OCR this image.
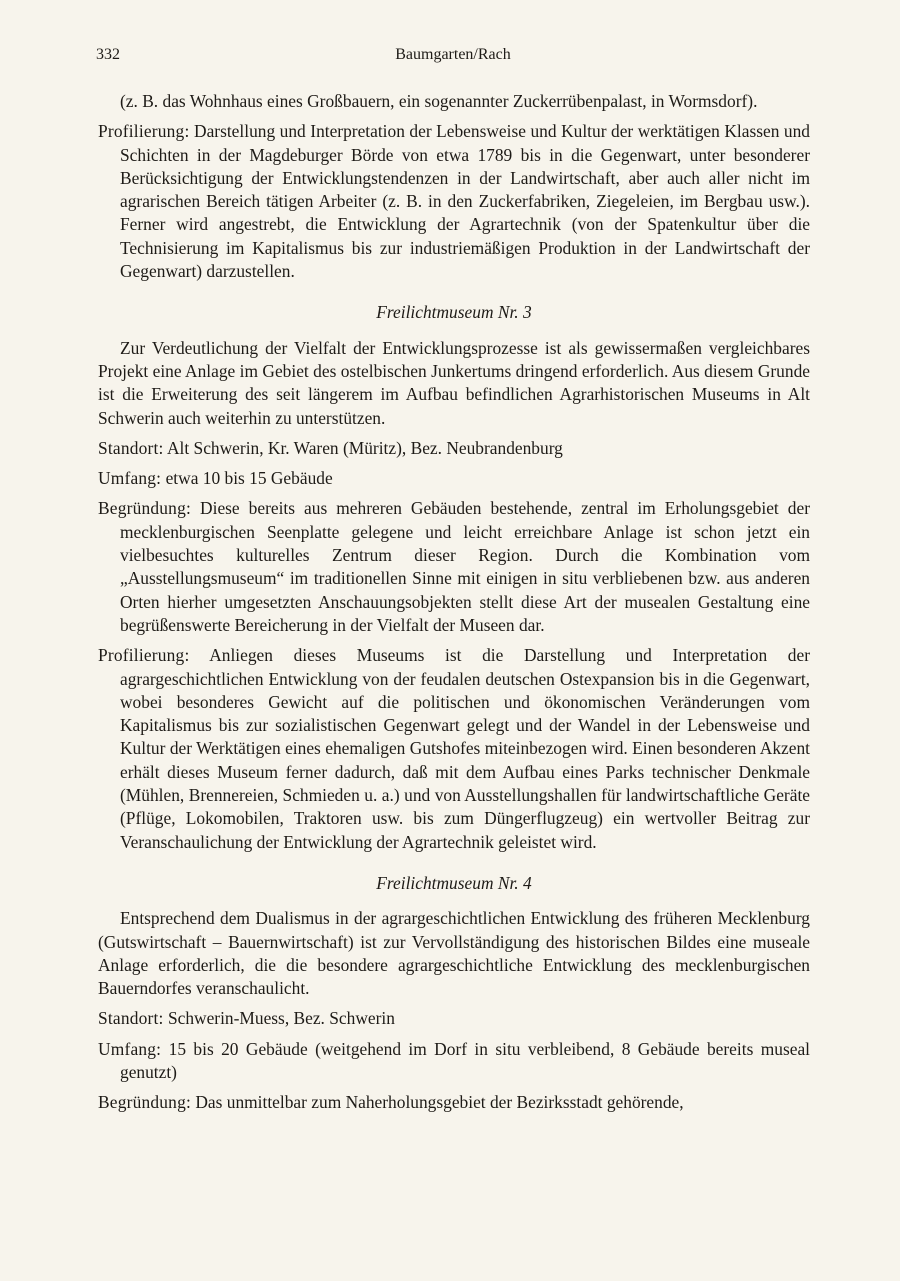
332	Baumgarten/Rach

(z. B. das Wohnhaus eines Großbauern, ein sogenannter Zuckerrübenpalast, in Wormsdorf).

Profilierung: Darstellung und Interpretation der Lebensweise und Kultur der werktätigen Klassen und Schichten in der Magdeburger Börde von etwa 1789 bis in die Gegenwart, unter besonderer Berücksichtigung der Entwicklungstendenzen in der Landwirtschaft, aber auch aller nicht im agrarischen Bereich tätigen Arbeiter (z. B. in den Zuckerfabriken, Ziegeleien, im Bergbau usw.). Ferner wird angestrebt, die Entwicklung der Agrartechnik (von der Spatenkultur über die Technisierung im Kapitalismus bis zur industriemäßigen Produktion in der Landwirtschaft der Gegenwart) darzustellen.

Freilichtmuseum Nr. 3

Zur Verdeutlichung der Vielfalt der Entwicklungsprozesse ist als gewissermaßen vergleichbares Projekt eine Anlage im Gebiet des ostelbischen Junkertums dringend erforderlich. Aus diesem Grunde ist die Erweiterung des seit längerem im Aufbau befindlichen Agrarhistorischen Museums in Alt Schwerin auch weiterhin zu unterstützen.

Standort: Alt Schwerin, Kr. Waren (Müritz), Bez. Neubrandenburg

Umfang: etwa 10 bis 15 Gebäude

Begründung: Diese bereits aus mehreren Gebäuden bestehende, zentral im Erholungsgebiet der mecklenburgischen Seenplatte gelegene und leicht erreichbare Anlage ist schon jetzt ein vielbesuchtes kulturelles Zentrum dieser Region. Durch die Kombination vom „Ausstellungsmuseum“ im traditionellen Sinne mit einigen in situ verbliebenen bzw. aus anderen Orten hierher umgesetzten Anschauungsobjekten stellt diese Art der musealen Gestaltung eine begrüßenswerte Bereicherung in der Vielfalt der Museen dar.

Profilierung: Anliegen dieses Museums ist die Darstellung und Interpretation der agrargeschichtlichen Entwicklung von der feudalen deutschen Ostexpansion bis in die Gegenwart, wobei besonderes Gewicht auf die politischen und ökonomischen Veränderungen vom Kapitalismus bis zur sozialistischen Gegenwart gelegt und der Wandel in der Lebensweise und Kultur der Werktätigen eines ehemaligen Gutshofes miteinbezogen wird. Einen besonderen Akzent erhält dieses Museum ferner dadurch, daß mit dem Aufbau eines Parks technischer Denkmale (Mühlen, Brennereien, Schmieden u. a.) und von Ausstellungshallen für landwirtschaftliche Geräte (Pflüge, Lokomobilen, Traktoren usw. bis zum Düngerflugzeug) ein wertvoller Beitrag zur Veranschaulichung der Entwicklung der Agrartechnik geleistet wird.

Freilichtmuseum Nr. 4

Entsprechend dem Dualismus in der agrargeschichtlichen Entwicklung des früheren Mecklenburg (Gutswirtschaft – Bauernwirtschaft) ist zur Vervollständigung des historischen Bildes eine museale Anlage erforderlich, die die besondere agrargeschichtliche Entwicklung des mecklenburgischen Bauerndorfes veranschaulicht.

Standort: Schwerin-Muess, Bez. Schwerin

Umfang: 15 bis 20 Gebäude (weitgehend im Dorf in situ verbleibend, 8 Gebäude bereits museal genutzt)

Begründung: Das unmittelbar zum Naherholungsgebiet der Bezirksstadt gehörende,
